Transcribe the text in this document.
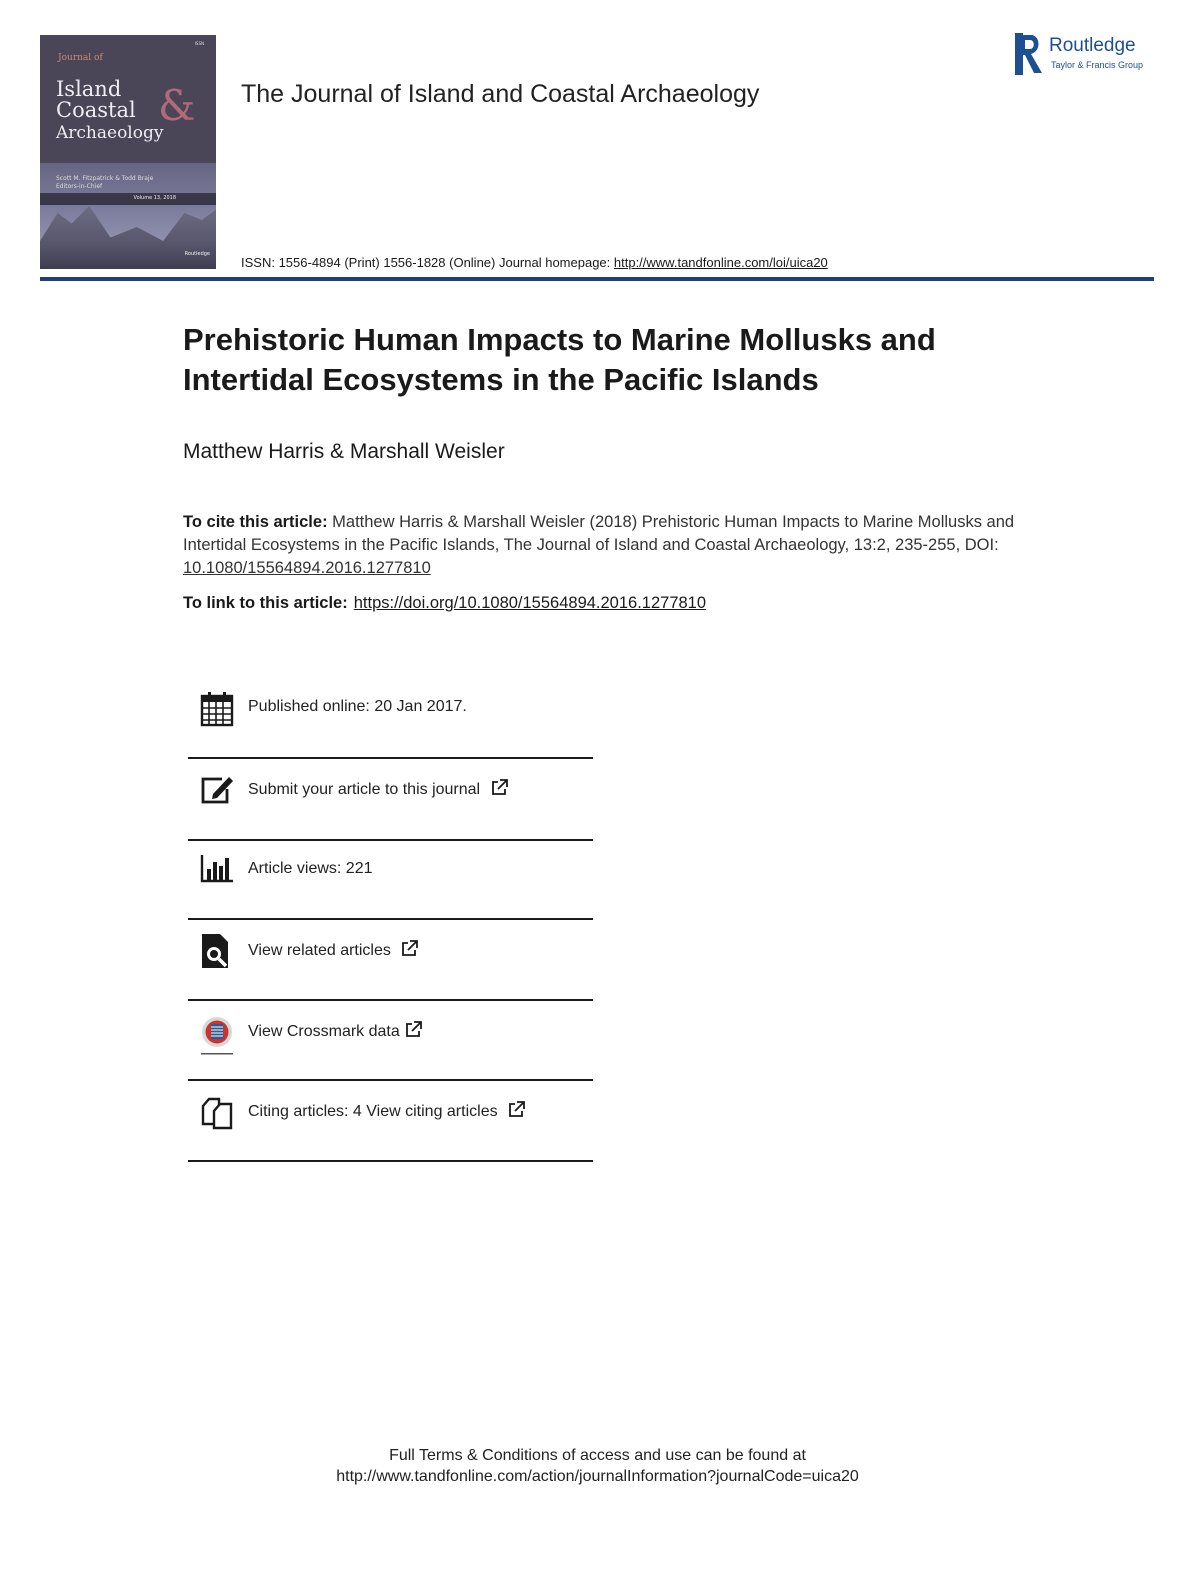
ISSN
Journal of
Island
Coastal &
Archaeology
Scott M. Fitzpatrick & Todd Braje
Editors-in-Chief
Volume 13, 2018
Routledge
The Journal of Island and Coastal Archaeology
Routledge
Taylor & Francis Group
ISSN: 1556-4894 (Print) 1556-1828 (Online) Journal homepage: http://www.tandfonline.com/loi/uica20
Prehistoric Human Impacts to Marine Mollusks and Intertidal Ecosystems in the Pacific Islands
Matthew Harris & Marshall Weisler
To cite this article: Matthew Harris & Marshall Weisler (2018) Prehistoric Human Impacts to Marine Mollusks and Intertidal Ecosystems in the Pacific Islands, The Journal of Island and Coastal Archaeology, 13:2, 235-255, DOI: 10.1080/15564894.2016.1277810
To link to this article: https://doi.org/10.1080/15564894.2016.1277810
Published online: 20 Jan 2017.
Submit your article to this journal
Article views: 221
View related articles
View Crossmark data
Citing articles: 4 View citing articles
Full Terms & Conditions of access and use can be found at
http://www.tandfonline.com/action/journalInformation?journalCode=uica20
